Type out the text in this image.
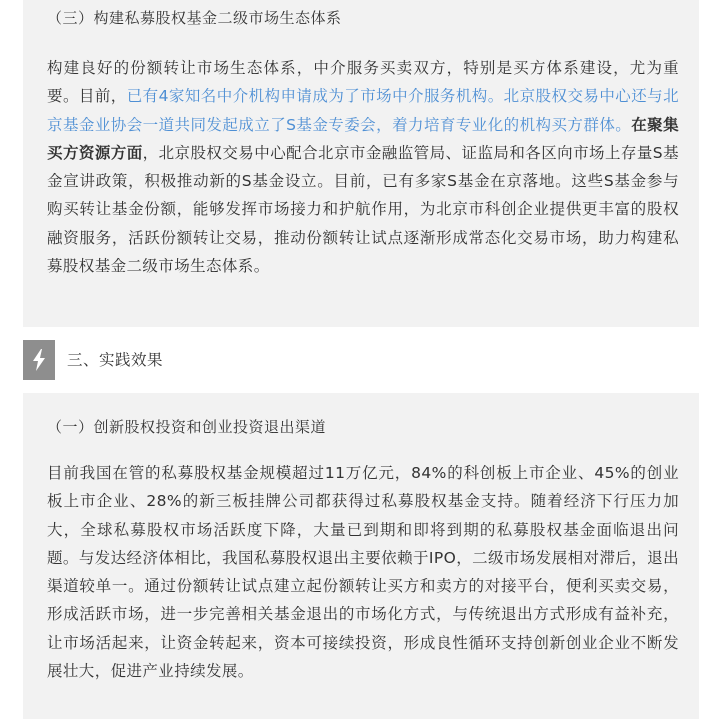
（三）构建私募股权基金二级市场生态体系

构建良好的份额转让市场生态体系，中介服务买卖双方，特别是买方体系建设，尤为重要。目前，已有4家知名中介机构申请成为了市场中介服务机构。北京股权交易中心还与北京基金业协会一道共同发起成立了S基金专委会，着力培育专业化的机构买方群体。在聚集买方资源方面，北京股权交易中心配合北京市金融监管局、证监局和各区向市场上存量S基金宣讲政策，积极推动新的S基金设立。目前，已有多家S基金在京落地。这些S基金参与购买转让基金份额，能够发挥市场接力和护航作用，为北京市科创企业提供更丰富的股权融资服务，活跃份额转让交易，推动份额转让试点逐渐形成常态化交易市场，助力构建私募股权基金二级市场生态体系。

三、实践效果

（一）创新股权投资和创业投资退出渠道

目前我国在管的私募股权基金规模超过11万亿元，84%的科创板上市企业、45%的创业板上市企业、28%的新三板挂牌公司都获得过私募股权基金支持。随着经济下行压力加大，全球私募股权市场活跃度下降，大量已到期和即将到期的私募股权基金面临退出问题。与发达经济体相比，我国私募股权退出主要依赖于IPO，二级市场发展相对滞后，退出渠道较单一。通过份额转让试点建立起份额转让买方和卖方的对接平台，便利买卖交易，形成活跃市场，进一步完善相关基金退出的市场化方式，与传统退出方式形成有益补充，让市场活起来，让资金转起来，资本可接续投资，形成良性循环支持创新创业企业不断发展壮大，促进产业持续发展。
